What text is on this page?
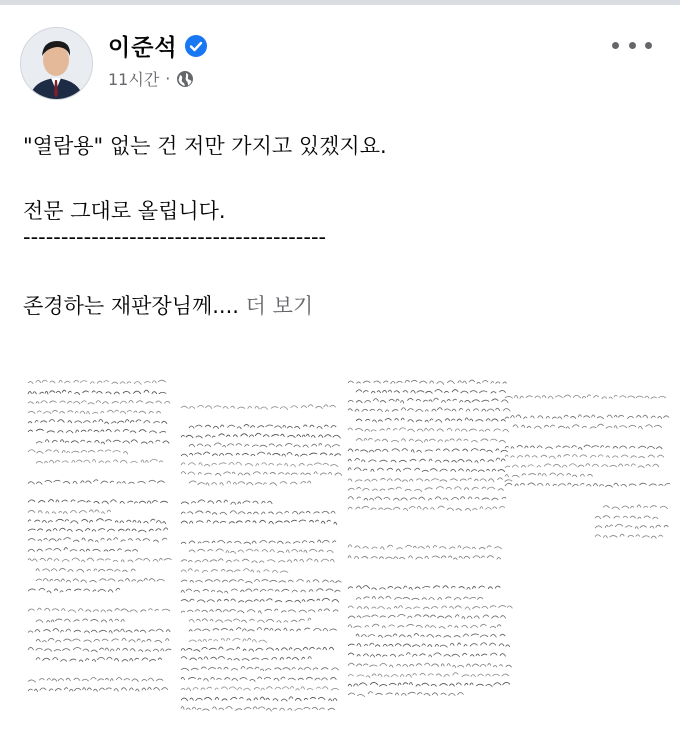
이준석
11시간 ·
"열람용" 없는 건 저만 가지고 있겠지요.
전문 그대로 올립니다.
----------------------------------------
존경하는 재판장님께.... 더 보기
